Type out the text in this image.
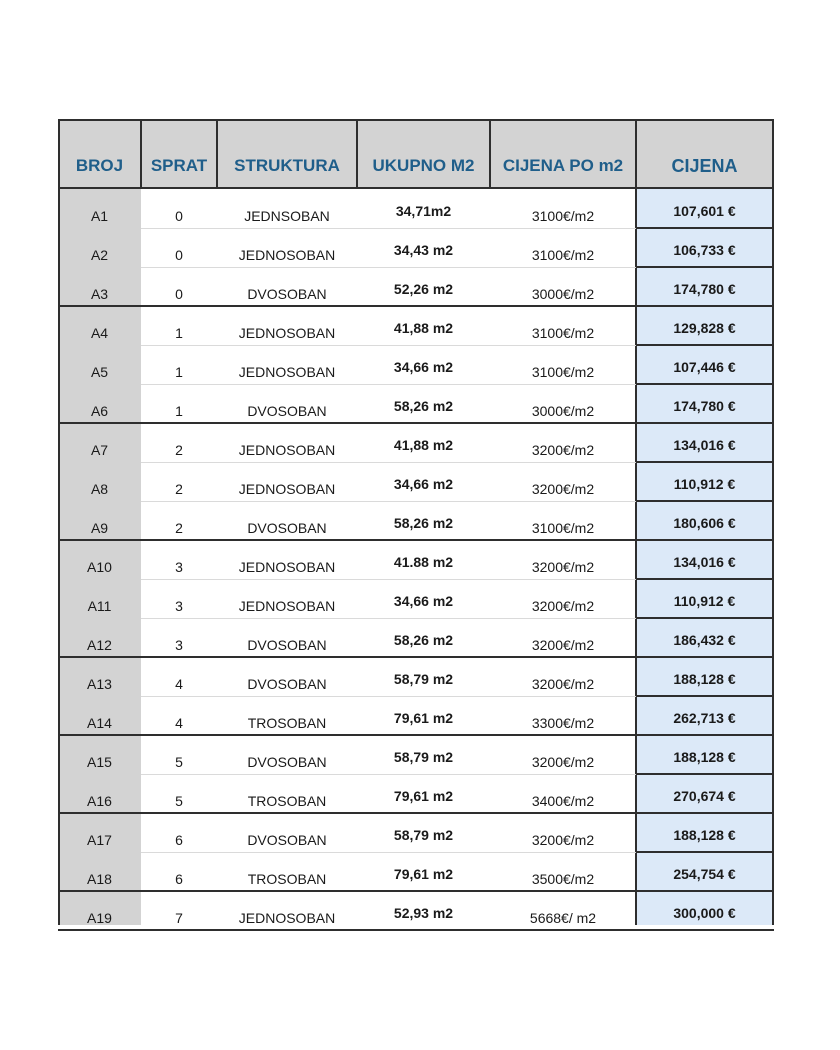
BROJ	SPRAT	STRUKTURA	UKUPNO M2	CIJENA PO m2	CIJENA
A1	0	JEDNSOBAN	34,71m2	3100€/m2	107,601 €
A2	0	JEDNOSOBAN	34,43 m2	3100€/m2	106,733 €
A3	0	DVOSOBAN	52,26 m2	3000€/m2	174,780 €
A4	1	JEDNOSOBAN	41,88 m2	3100€/m2	129,828 €
A5	1	JEDNOSOBAN	34,66 m2	3100€/m2	107,446 €
A6	1	DVOSOBAN	58,26 m2	3000€/m2	174,780 €
A7	2	JEDNOSOBAN	41,88 m2	3200€/m2	134,016 €
A8	2	JEDNOSOBAN	34,66 m2	3200€/m2	110,912 €
A9	2	DVOSOBAN	58,26 m2	3100€/m2	180,606 €
A10	3	JEDNOSOBAN	41.88 m2	3200€/m2	134,016 €
A11	3	JEDNOSOBAN	34,66 m2	3200€/m2	110,912 €
A12	3	DVOSOBAN	58,26 m2	3200€/m2	186,432 €
A13	4	DVOSOBAN	58,79 m2	3200€/m2	188,128 €
A14	4	TROSOBAN	79,61 m2	3300€/m2	262,713 €
A15	5	DVOSOBAN	58,79 m2	3200€/m2	188,128 €
A16	5	TROSOBAN	79,61 m2	3400€/m2	270,674 €
A17	6	DVOSOBAN	58,79 m2	3200€/m2	188,128 €
A18	6	TROSOBAN	79,61 m2	3500€/m2	254,754 €
A19	7	JEDNOSOBAN	52,93 m2	5668€/ m2	300,000 €
